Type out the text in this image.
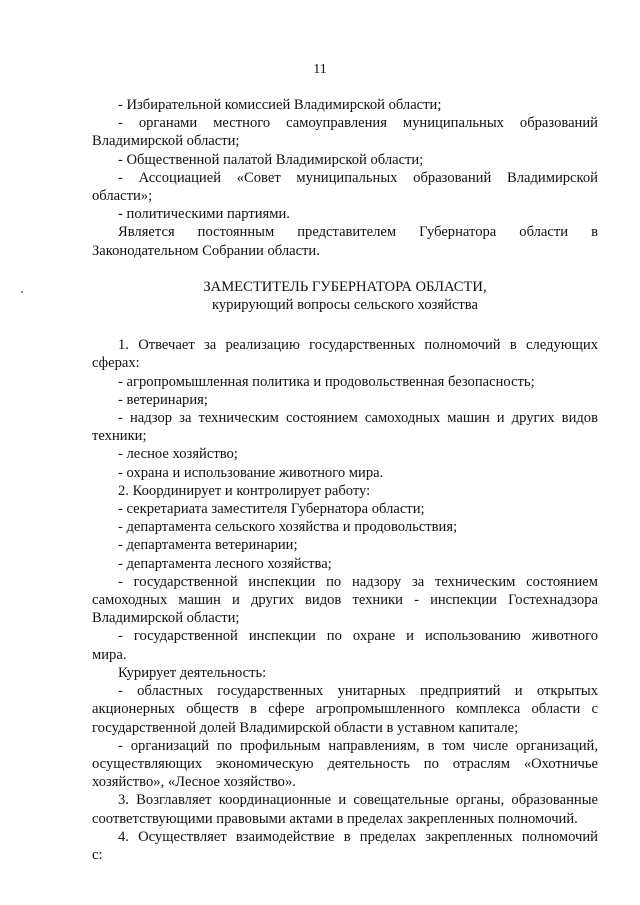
11
- Избирательной комиссией Владимирской области;
- органами местного самоуправления муниципальных образований
Владимирской области;
- Общественной палатой Владимирской области;
- Ассоциацией «Совет муниципальных образований Владимирской
области»;
- политическими партиями.
Является постоянным представителем Губернатора области в
Законодательном Собрании области.
ЗАМЕСТИТЕЛЬ ГУБЕРНАТОРА ОБЛАСТИ,
курирующий вопросы сельского хозяйства
1. Отвечает за реализацию государственных полномочий в следующих
сферах:
- агропромышленная политика и продовольственная безопасность;
- ветеринария;
- надзор за техническим состоянием самоходных машин и других видов
техники;
- лесное хозяйство;
- охрана и использование животного мира.
2. Координирует и контролирует работу:
- секретариата заместителя Губернатора области;
- департамента сельского хозяйства и продовольствия;
- департамента ветеринарии;
- департамента лесного хозяйства;
- государственной инспекции по надзору за техническим состоянием
самоходных машин и других видов техники - инспекции Гостехнадзора
Владимирской области;
- государственной инспекции по охране и использованию животного
мира.
Курирует деятельность:
- областных государственных унитарных предприятий и открытых
акционерных обществ в сфере агропромышленного комплекса области с
государственной долей Владимирской области в уставном капитале;
- организаций по профильным направлениям, в том числе организаций,
осуществляющих экономическую деятельность по отраслям «Охотничье
хозяйство», «Лесное хозяйство».
3. Возглавляет координационные и совещательные органы, образованные
соответствующими правовыми актами в пределах закрепленных полномочий.
4. Осуществляет взаимодействие в пределах закрепленных полномочий
с:
